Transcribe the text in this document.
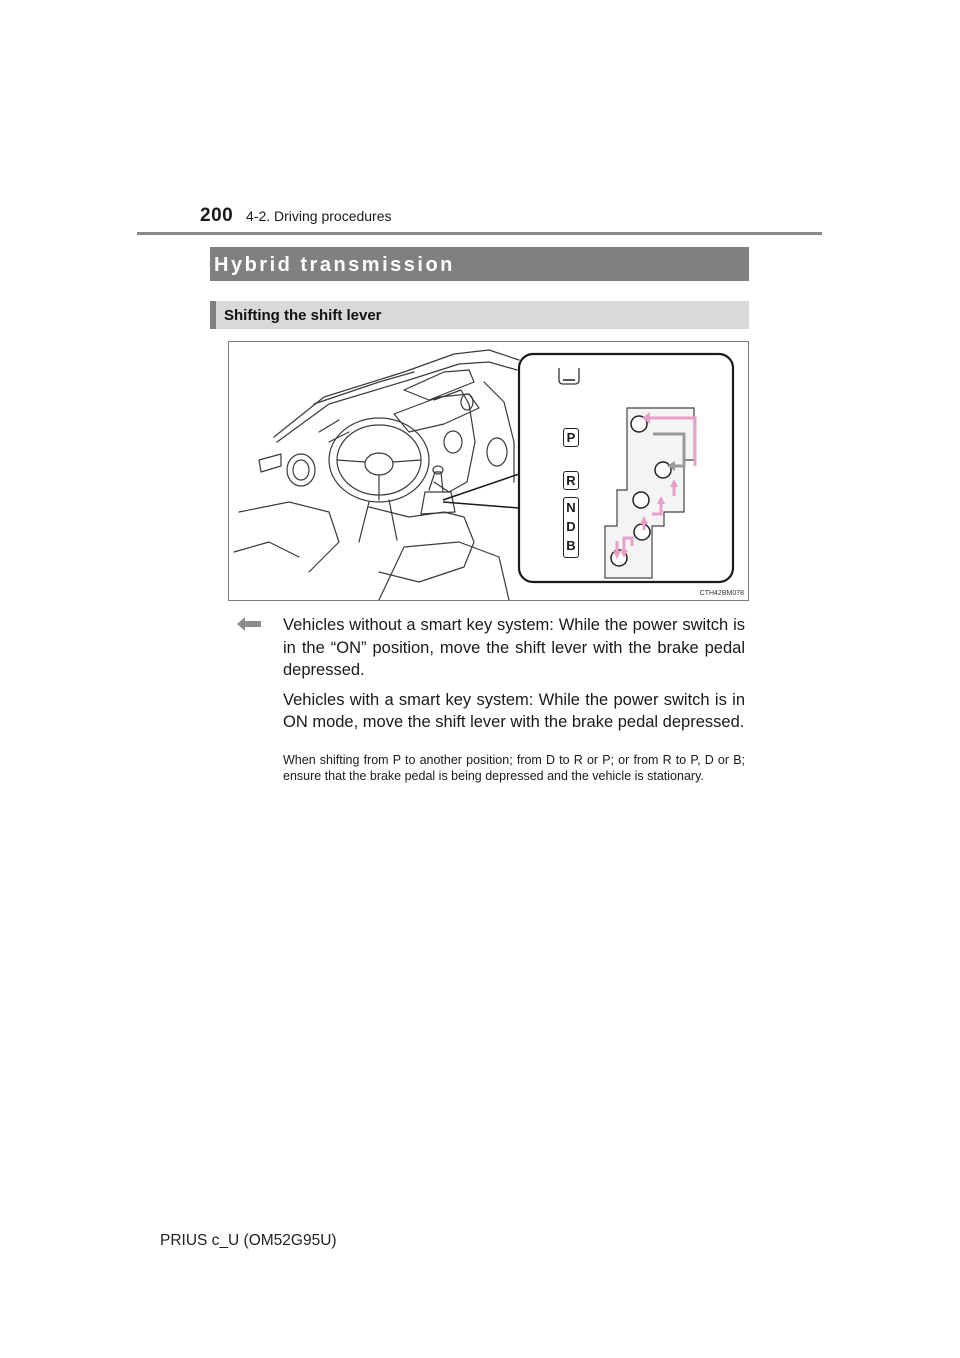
200 4-2. Driving procedures
Hybrid transmission
Shifting the shift lever
P
R
N
D
B
CTH42BM078

Vehicles without a smart key system: While the power switch is in the “ON” position, move the shift lever with the brake pedal depressed.

Vehicles with a smart key system: While the power switch is in ON mode, move the shift lever with the brake pedal depressed.

When shifting from P to another position; from D to R or P; or from R to P, D or B; ensure that the brake pedal is being depressed and the vehicle is stationary.
PRIUS c_U (OM52G95U)
